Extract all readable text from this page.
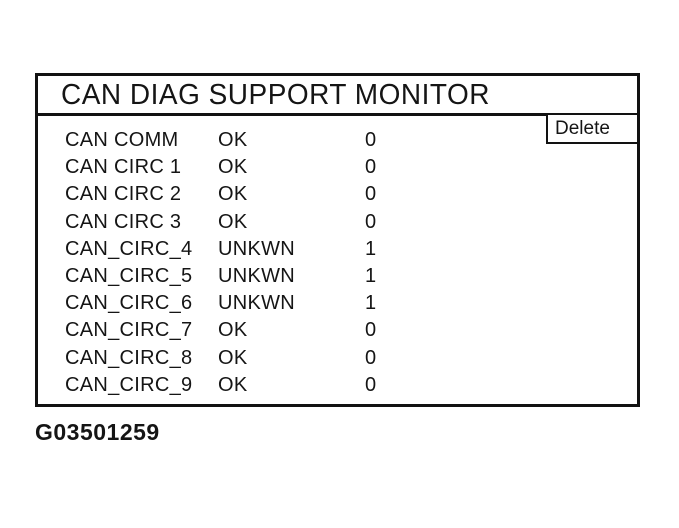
CAN DIAG SUPPORT MONITOR
Delete
CAN COMM	OK	0
CAN CIRC 1	OK	0
CAN CIRC 2	OK	0
CAN CIRC 3	OK	0
CAN_CIRC_4	UNKWN	1
CAN_CIRC_5	UNKWN	1
CAN_CIRC_6	UNKWN	1
CAN_CIRC_7	OK	0
CAN_CIRC_8	OK	0
CAN_CIRC_9	OK	0
G03501259
